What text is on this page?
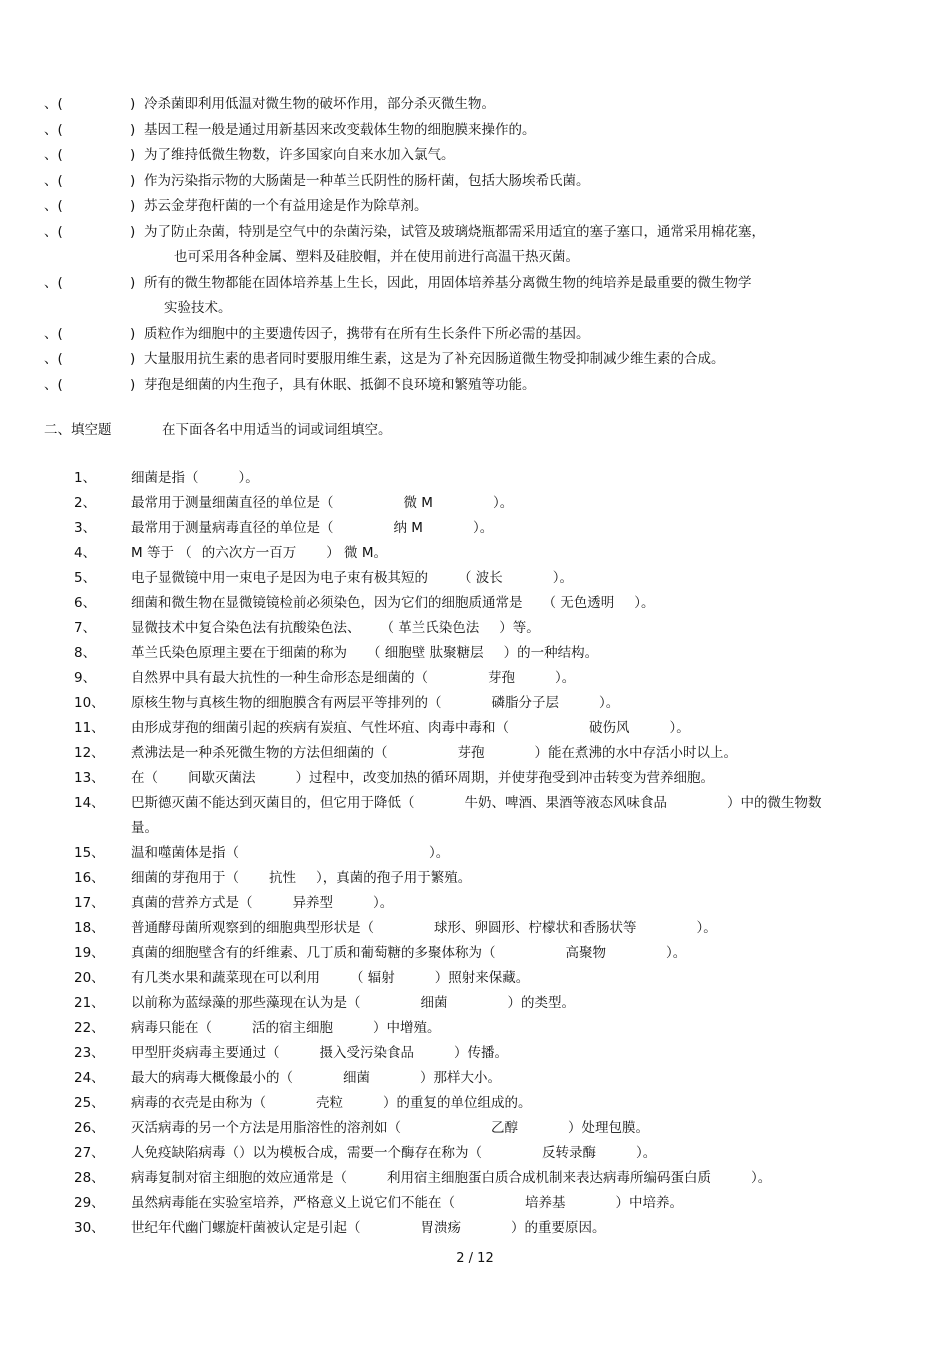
、(	) 冷杀菌即利用低温对微生物的破坏作用，部分杀灭微生物。
、(	) 基因工程一般是通过用新基因来改变载体生物的细胞膜来操作的。
、(	) 为了维持低微生物数，许多国家向自来水加入氯气。
、(	) 作为污染指示物的大肠菌是一种革兰氏阴性的肠杆菌，包括大肠埃希氏菌。
、(	) 苏云金芽孢杆菌的一个有益用途是作为除草剂。
、(	) 为了防止杂菌，特别是空气中的杂菌污染，试管及玻璃烧瓶都需采用适宜的塞子塞口，通常采用棉花塞，
也可采用各种金属、塑料及硅胶帽，并在使用前进行高温干热灭菌。
、(	) 所有的微生物都能在固体培养基上生长，因此，用固体培养基分离微生物的纯培养是最重要的微生物学
实验技术。
、(	) 质粒作为细胞中的主要遗传因子，携带有在所有生长条件下所必需的基因。
、(	) 大量服用抗生素的患者同时要服用维生素，这是为了补充因肠道微生物受抑制减少维生素的合成。
、(	) 芽孢是细菌的内生孢子，具有休眠、抵御不良环境和繁殖等功能。
二、填空题	在下面各名中用适当的词或词组填空。
1、	细菌是指（	）。
2、	最常用于测量细菌直径的单位是（	微 M	）。
3、	最常用于测量病毒直径的单位是（	纳 M	）。
4、	M 等于 （ 的六次方一百万 ） 微 M。
5、	电子显微镜中用一束电子是因为电子束有极其短的 （ 波长	）。
6、	细菌和微生物在显微镜镜检前必须染色，因为它们的细胞质通常是 （ 无色透明 ）。
7、	显微技术中复合染色法有抗酸染色法、 （ 革兰氏染色法 ）等。
8、	革兰氏染色原理主要在于细菌的称为 （ 细胞壁 肽聚糖层 ）的一种结构。
9、	自然界中具有最大抗性的一种生命形态是细菌的（	芽孢	）。
10、	原核生物与真核生物的细胞膜含有两层平等排列的（	磷脂分子层	）。
11、	由形成芽孢的细菌引起的疾病有炭疽、气性坏疽、肉毒中毒和（	破伤风	）。
12、	煮沸法是一种杀死微生物的方法但细菌的（	芽孢	）能在煮沸的水中存活小时以上。
13、	在（ 间歇灭菌法	）过程中，改变加热的循环周期，并使芽孢受到冲击转变为营养细胞。
14、	巴斯德灭菌不能达到灭菌目的，但它用于降低（	牛奶、啤酒、果酒等液态风味食品	）中的微生物数
量。
15、	温和噬菌体是指（	）。
16、	细菌的芽孢用于（ 抗性 ），真菌的孢子用于繁殖。
17、	真菌的营养方式是（	异养型	）。
18、	普通酵母菌所观察到的细胞典型形状是（	球形、卵圆形、柠檬状和香肠状等	）。
19、	真菌的细胞壁含有的纤维素、几丁质和葡萄糖的多聚体称为（	高聚物	）。
20、	有几类水果和蔬菜现在可以利用 （ 辐射	）照射来保藏。
21、	以前称为蓝绿藻的那些藻现在认为是（	细菌	）的类型。
22、	病毒只能在（	活的宿主细胞	）中增殖。
23、	甲型肝炎病毒主要通过（	摄入受污染食品	）传播。
24、	最大的病毒大概像最小的（	细菌	）那样大小。
25、	病毒的衣壳是由称为（	壳粒	）的重复的单位组成的。
26、	灭活病毒的另一个方法是用脂溶性的溶剂如（	乙醇	）处理包膜。
27、	人免疫缺陷病毒（）以为模板合成，需要一个酶存在称为（	反转录酶	）。
28、	病毒复制对宿主细胞的效应通常是（	利用宿主细胞蛋白质合成机制来表达病毒所编码蛋白质	）。
29、	虽然病毒能在实验室培养，严格意义上说它们不能在（	培养基	）中培养。
30、	世纪年代幽门螺旋杆菌被认定是引起（	胃溃疡	）的重要原因。
2 / 12
